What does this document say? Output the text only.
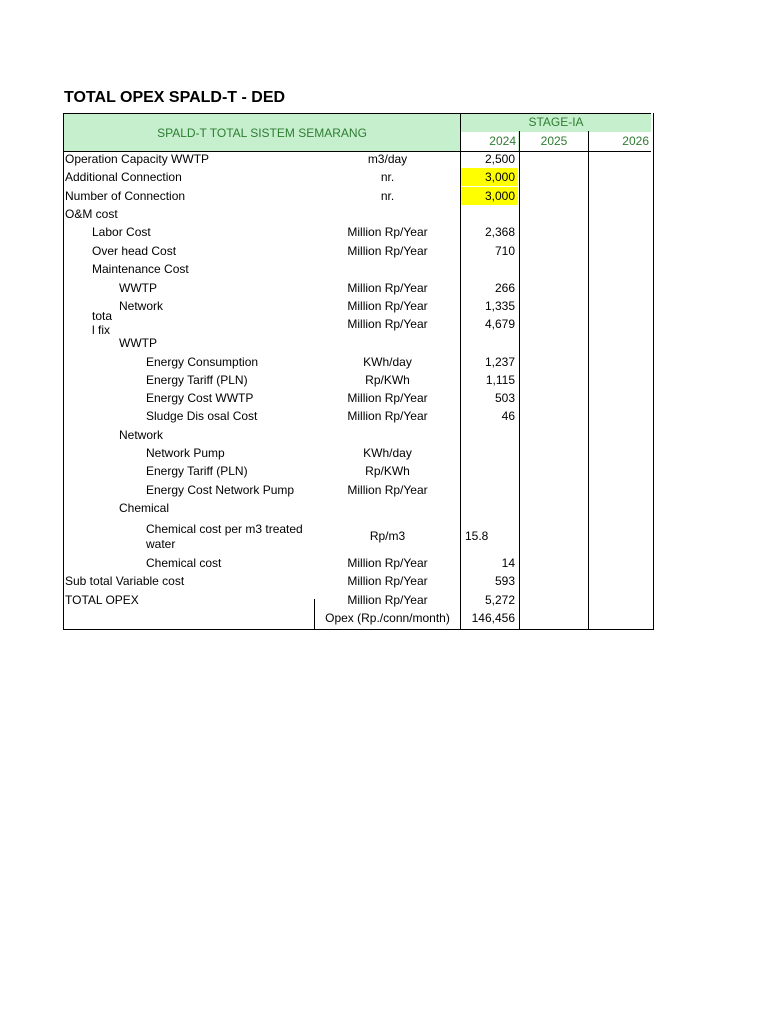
TOTAL OPEX SPALD-T - DED
SPALD-T TOTAL SISTEM SEMARANG
STAGE-IA
2024	2025	2026
Operation Capacity WWTP	m3/day	2,500
Additional Connection	nr.	3,000
Number of Connection	nr.	3,000
O&M cost
Labor Cost	Million Rp/Year	2,368
Over head Cost	Million Rp/Year	710
Maintenance Cost
WWTP	Million Rp/Year	266
Network	Million Rp/Year	1,335
tota
l fix	Million Rp/Year	4,679
WWTP
Energy Consumption	KWh/day	1,237
Energy Tariff (PLN)	Rp/KWh	1,115
Energy Cost WWTP	Million Rp/Year	503
Sludge Dis osal Cost	Million Rp/Year	46
Network
Network Pump	KWh/day
Energy Tariff (PLN)	Rp/KWh
Energy Cost Network Pump	Million Rp/Year
Chemical
Chemical cost per m3 treated
water
Rp/m3	15.8
Chemical cost	Million Rp/Year	14
Sub total Variable cost	Million Rp/Year	593
TOTAL OPEX	Million Rp/Year	5,272
Opex (Rp./conn/month)	146,456
